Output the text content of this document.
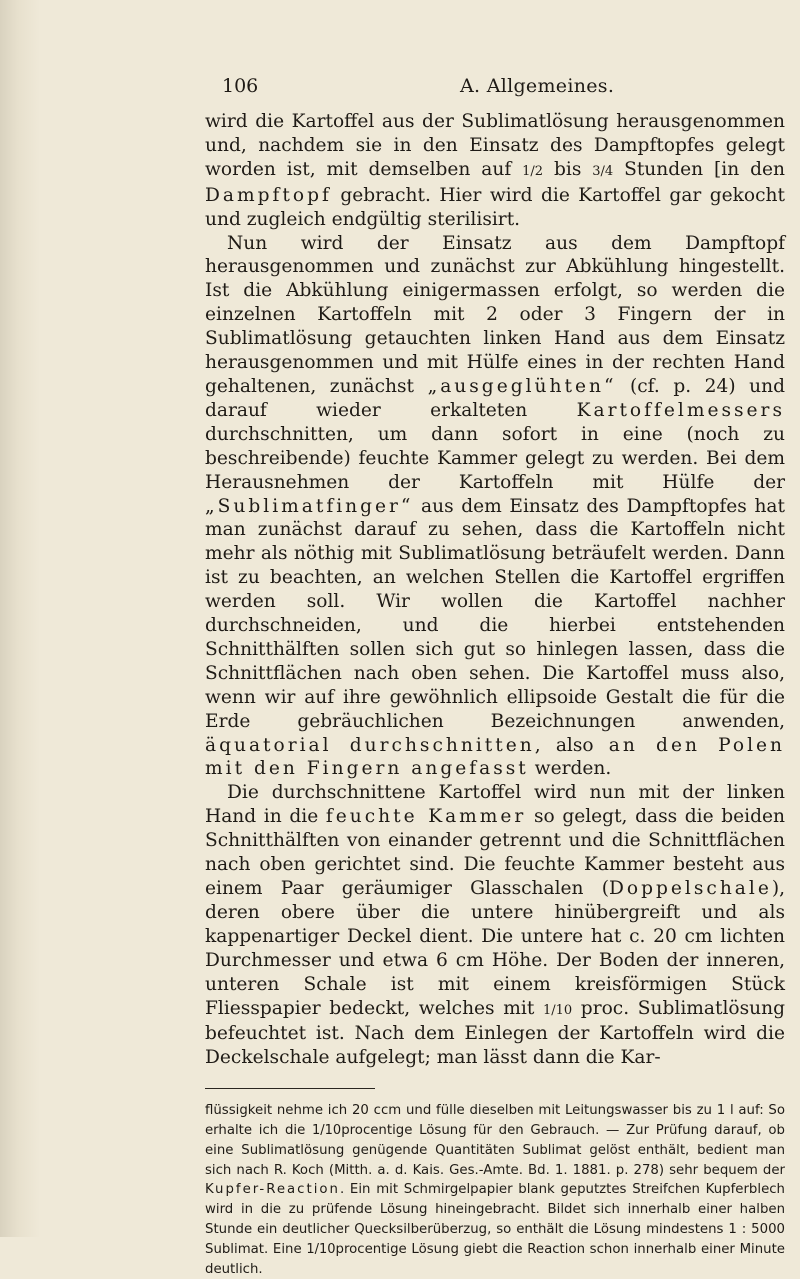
106	A. Allgemeines.

wird die Kartoffel aus der Sublimatlösung herausgenommen und, nachdem sie in den Einsatz des Dampftopfes gelegt worden ist, mit demselben auf 1/2 bis 3/4 Stunden [in den Dampftopf gebracht. Hier wird die Kartoffel gar gekocht und zugleich endgültig sterilisirt.

Nun wird der Einsatz aus dem Dampftopf herausgenommen und zunächst zur Abkühlung hingestellt. Ist die Abkühlung einigermassen erfolgt, so werden die einzelnen Kartoffeln mit 2 oder 3 Fingern der in Sublimatlösung getauchten linken Hand aus dem Einsatz herausgenommen und mit Hülfe eines in der rechten Hand gehaltenen, zunächst „ausgeglühten“ (cf. p. 24) und darauf wieder erkalteten Kartoffelmessers durchschnitten, um dann sofort in eine (noch zu beschreibende) feuchte Kammer gelegt zu werden. Bei dem Herausnehmen der Kartoffeln mit Hülfe der „Sublimatfinger“ aus dem Einsatz des Dampftopfes hat man zunächst darauf zu sehen, dass die Kartoffeln nicht mehr als nöthig mit Sublimatlösung beträufelt werden. Dann ist zu beachten, an welchen Stellen die Kartoffel ergriffen werden soll. Wir wollen die Kartoffel nachher durchschneiden, und die hierbei entstehenden Schnitthälften sollen sich gut so hinlegen lassen, dass die Schnittflächen nach oben sehen. Die Kartoffel muss also, wenn wir auf ihre gewöhnlich ellipsoide Gestalt die für die Erde gebräuchlichen Bezeichnungen anwenden, äquatorial durchschnitten, also an den Polen mit den Fingern angefasst werden.

Die durchschnittene Kartoffel wird nun mit der linken Hand in die feuchte Kammer so gelegt, dass die beiden Schnitthälften von einander getrennt und die Schnittflächen nach oben gerichtet sind. Die feuchte Kammer besteht aus einem Paar geräumiger Glasschalen (Doppelschale), deren obere über die untere hinübergreift und als kappenartiger Deckel dient. Die untere hat c. 20 cm lichten Durchmesser und etwa 6 cm Höhe. Der Boden der inneren, unteren Schale ist mit einem kreisförmigen Stück Fliesspapier bedeckt, welches mit 1/10 proc. Sublimatlösung befeuchtet ist. Nach dem Einlegen der Kartoffeln wird die Deckelschale aufgelegt; man lässt dann die Kar-

flüssigkeit nehme ich 20 ccm und fülle dieselben mit Leitungswasser bis zu 1 l auf: So erhalte ich die 1/10procentige Lösung für den Gebrauch. — Zur Prüfung darauf, ob eine Sublimatlösung genügende Quantitäten Sublimat gelöst enthält, bedient man sich nach R. Koch (Mitth. a. d. Kais. Ges.-Amte. Bd. 1. 1881. p. 278) sehr bequem der Kupfer-Reaction. Ein mit Schmirgelpapier blank geputztes Streifchen Kupferblech wird in die zu prüfende Lösung hineingebracht. Bildet sich innerhalb einer halben Stunde ein deutlicher Quecksilberüberzug, so enthält die Lösung mindestens 1 : 5000 Sublimat. Eine 1/10procentige Lösung giebt die Reaction schon innerhalb einer Minute deutlich.
